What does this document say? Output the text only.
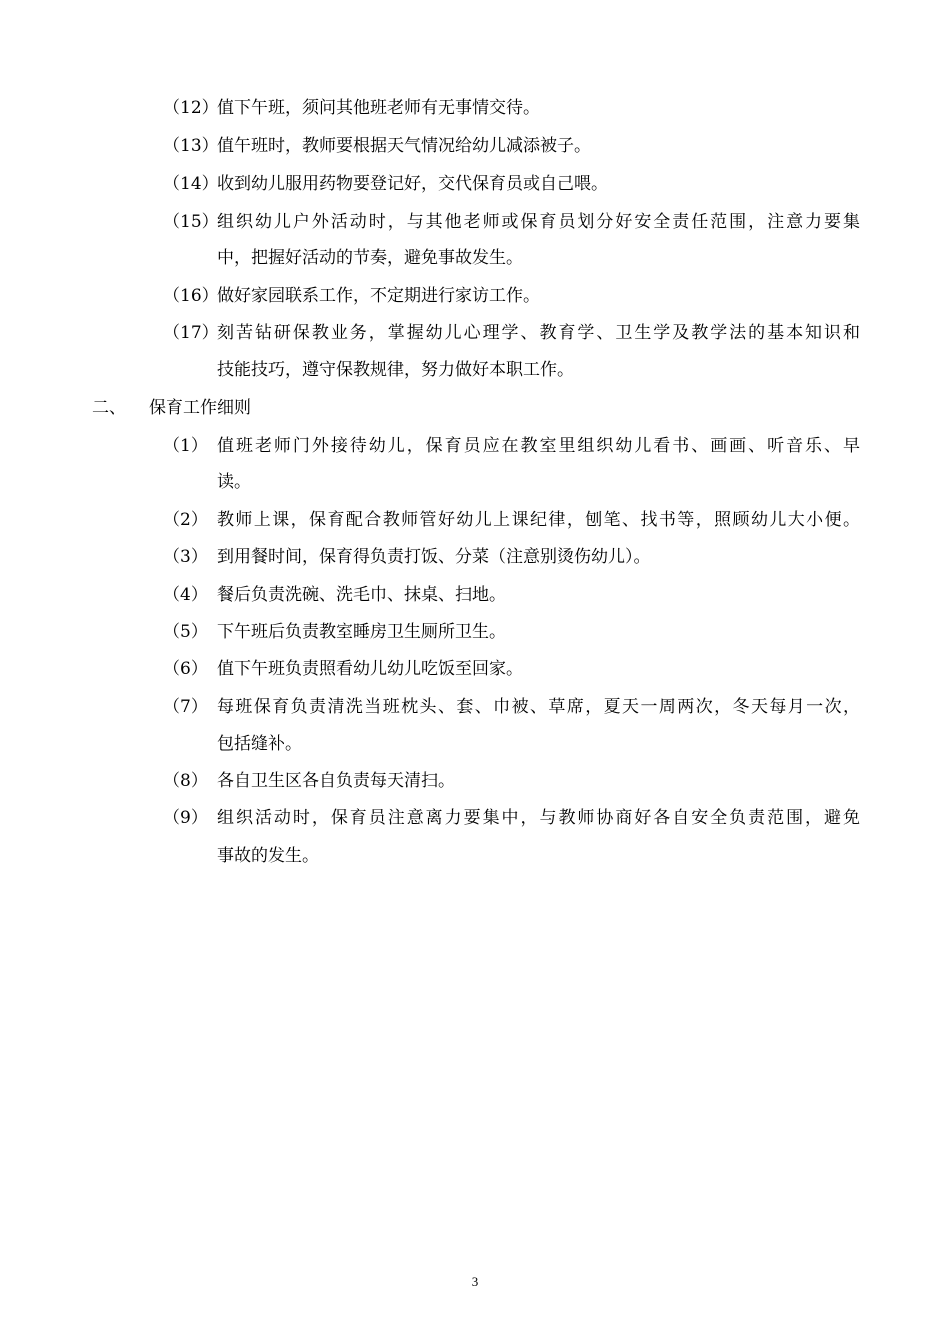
（12）
值下午班，须问其他班老师有无事情交待。
（13）
值午班时，教师要根据天气情况给幼儿减添被子。
（14）
收到幼儿服用药物要登记好，交代保育员或自己喂。
（15）
组织幼儿户外活动时，与其他老师或保育员划分好安全责任范围，注意力要集
中，把握好活动的节奏，避免事故发生。
（16）
做好家园联系工作，不定期进行家访工作。
（17）
刻苦钻研保教业务，掌握幼儿心理学、教育学、卫生学及教学法的基本知识和
技能技巧，遵守保教规律，努力做好本职工作。
二、 保育工作细则
（1） 值班老师门外接待幼儿，保育员应在教室里组织幼儿看书、画画、听音乐、早
读。
（2） 教师上课，保育配合教师管好幼儿上课纪律，刨笔、找书等，照顾幼儿大小便。
（3） 到用餐时间，保育得负责打饭、分菜（注意别烫伤幼儿）。
（4） 餐后负责洗碗、洗毛巾、抹桌、扫地。
（5） 下午班后负责教室睡房卫生厕所卫生。
（6） 值下午班负责照看幼儿幼儿吃饭至回家。
（7） 每班保育负责清洗当班枕头、套、巾被、草席，夏天一周两次，冬天每月一次，
包括缝补。
（8） 各自卫生区各自负责每天清扫。
（9） 组织活动时，保育员注意离力要集中，与教师协商好各自安全负责范围，避免
事故的发生。
3
